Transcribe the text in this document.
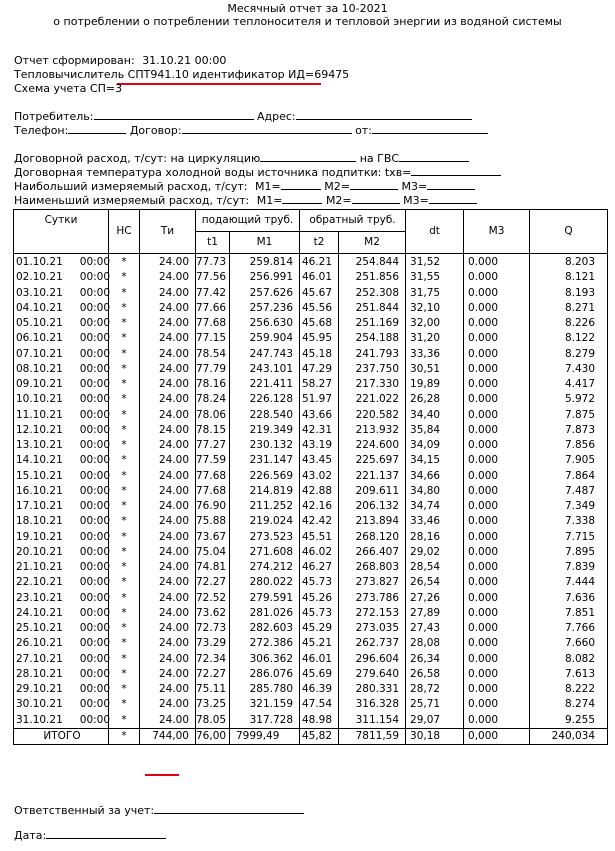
Месячный отчет за 10-2021
о потреблении о потреблении теплоносителя и тепловой энергии из водяной системы
Отчет сформирован: 31.10.21 00:00
Тепловычислитель СПТ941.10 идентификатор ИД=69475
Схема учета СП=3
Потребитель:	Адрес:
Телефон:	Договор:	от:
Договорной расход, т/сут: на циркуляцию	на ГВС
Договорная температура холодной воды источника подпитки: txв=
Наибольший измеряемый расход, т/сут: M1=	M2=	M3=
Наименьший измеряемый расход, т/сут: M1=	M2=	M3=
Сутки	НС	Ти	подающий труб.		обратный труб.		dt	M3	Q
			t1	M1	t2	M2			
01.10.21 00:00	*	24.00	77.73	259.814	46.21	254.844	31,52	0.000	8.203
02.10.21 00:00	*	24.00	77.56	256.991	46.01	251.856	31,55	0.000	8.121
03.10.21 00:00	*	24.00	77.42	257.626	45.67	252.308	31,75	0.000	8.193
04.10.21 00:00	*	24.00	77.66	257.236	45.56	251.844	32,10	0.000	8.271
05.10.21 00:00	*	24.00	77.68	256.630	45.68	251.169	32,00	0.000	8.226
06.10.21 00:00	*	24.00	77.15	259.904	45.95	254.188	31,20	0.000	8.122
07.10.21 00:00	*	24.00	78.54	247.743	45.18	241.793	33,36	0.000	8.279
08.10.21 00:00	*	24.00	77.79	243.101	47.29	237.750	30,51	0.000	7.430
09.10.21 00:00	*	24.00	78.16	221.411	58.27	217.330	19,89	0.000	4.417
10.10.21 00:00	*	24.00	78.24	226.128	51.97	221.022	26,28	0.000	5.972
11.10.21 00:00	*	24.00	78.06	228.540	43.66	220.582	34,40	0.000	7.875
12.10.21 00:00	*	24.00	78.15	219.349	42.31	213.932	35,84	0.000	7.873
13.10.21 00:00	*	24.00	77.27	230.132	43.19	224.600	34,09	0.000	7.856
14.10.21 00:00	*	24.00	77.59	231.147	43.45	225.697	34,15	0.000	7.905
15.10.21 00:00	*	24.00	77.68	226.569	43.02	221.137	34,66	0.000	7.864
16.10.21 00:00	*	24.00	77.68	214.819	42.88	209.611	34,80	0.000	7.487
17.10.21 00:00	*	24.00	76.90	211.252	42.16	206.132	34,74	0.000	7.349
18.10.21 00:00	*	24.00	75.88	219.024	42.42	213.894	33,46	0.000	7.338
19.10.21 00:00	*	24.00	73.67	273.523	45.51	268.120	28,16	0.000	7.715
20.10.21 00:00	*	24.00	75.04	271.608	46.02	266.407	29,02	0.000	7.895
21.10.21 00:00	*	24.00	74.81	274.212	46.27	268.803	28,54	0.000	7.839
22.10.21 00:00	*	24.00	72.27	280.022	45.73	273.827	26,54	0.000	7.444
23.10.21 00:00	*	24.00	72.52	279.591	45.26	273.786	27,26	0.000	7.636
24.10.21 00:00	*	24.00	73.62	281.026	45.73	272.153	27,89	0.000	7.851
25.10.21 00:00	*	24.00	72.73	282.603	45.29	273.035	27,43	0.000	7.766
26.10.21 00:00	*	24.00	73.29	272.386	45.21	262.737	28,08	0.000	7.660
27.10.21 00:00	*	24.00	72.34	306.362	46.01	296.604	26,34	0.000	8.082
28.10.21 00:00	*	24.00	72.27	286.076	45.69	279.640	26,58	0.000	7.613
29.10.21 00:00	*	24.00	75.11	285.780	46.39	280.331	28,72	0.000	8.222
30.10.21 00:00	*	24.00	73.25	321.159	47.54	316.328	25,71	0.000	8.274
31.10.21 00:00	*	24.00	78.05	317.728	48.98	311.154	29,07	0.000	9.255
ИТОГО	*	744,00	76,00	7999,49	45,82	7811,59	30,18	0,000	240,034
Ответственный за учет:
Дата:
